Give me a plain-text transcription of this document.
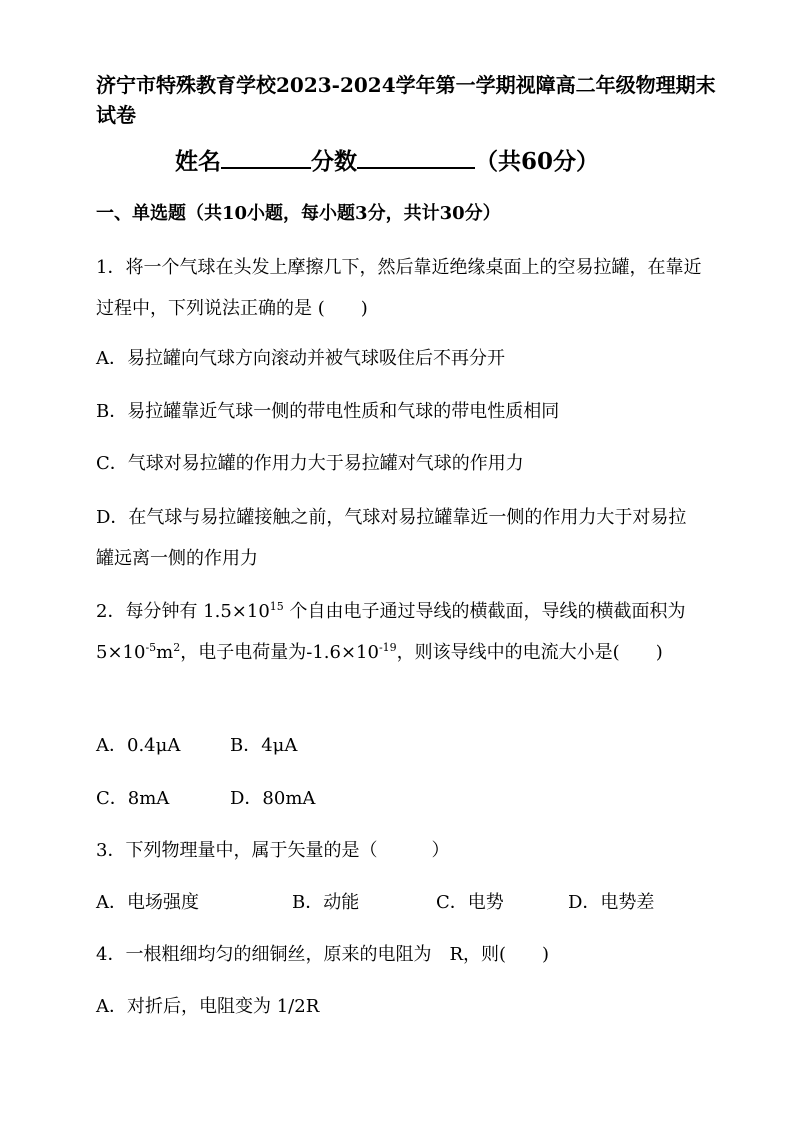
济宁市特殊教育学校2023-2024学年第一学期视障高二年级物理期末试卷
姓名	分数	（共60分）
一、单选题（共10小题，每小题3分，共计30分）
1．将一个气球在头发上摩擦几下，然后靠近绝缘桌面上的空易拉罐，在靠近过程中，下列说法正确的是 (　　)
A．易拉罐向气球方向滚动并被气球吸住后不再分开
B．易拉罐靠近气球一侧的带电性质和气球的带电性质相同
C．气球对易拉罐的作用力大于易拉罐对气球的作用力
D．在气球与易拉罐接触之前，气球对易拉罐靠近一侧的作用力大于对易拉罐远离一侧的作用力
2．每分钟有 $1.5\times 10^{15}$ 个自由电子通过导线的横截面，导线的横截面积为 $5\times 10^{-5}m^2$，电子电荷量为$-1.6\times 10^{-19}$，则该导线中的电流大小是(　　)
A．0.4μA	B．4μA
C．8mA	D．80mA
3．下列物理量中，属于矢量的是（　　　）
A．电场强度	B．动能	C．电势	D．电势差
4．一根粗细均匀的细铜丝，原来的电阻为　R，则(　　)
A．对折后，电阻变为 1/2R
